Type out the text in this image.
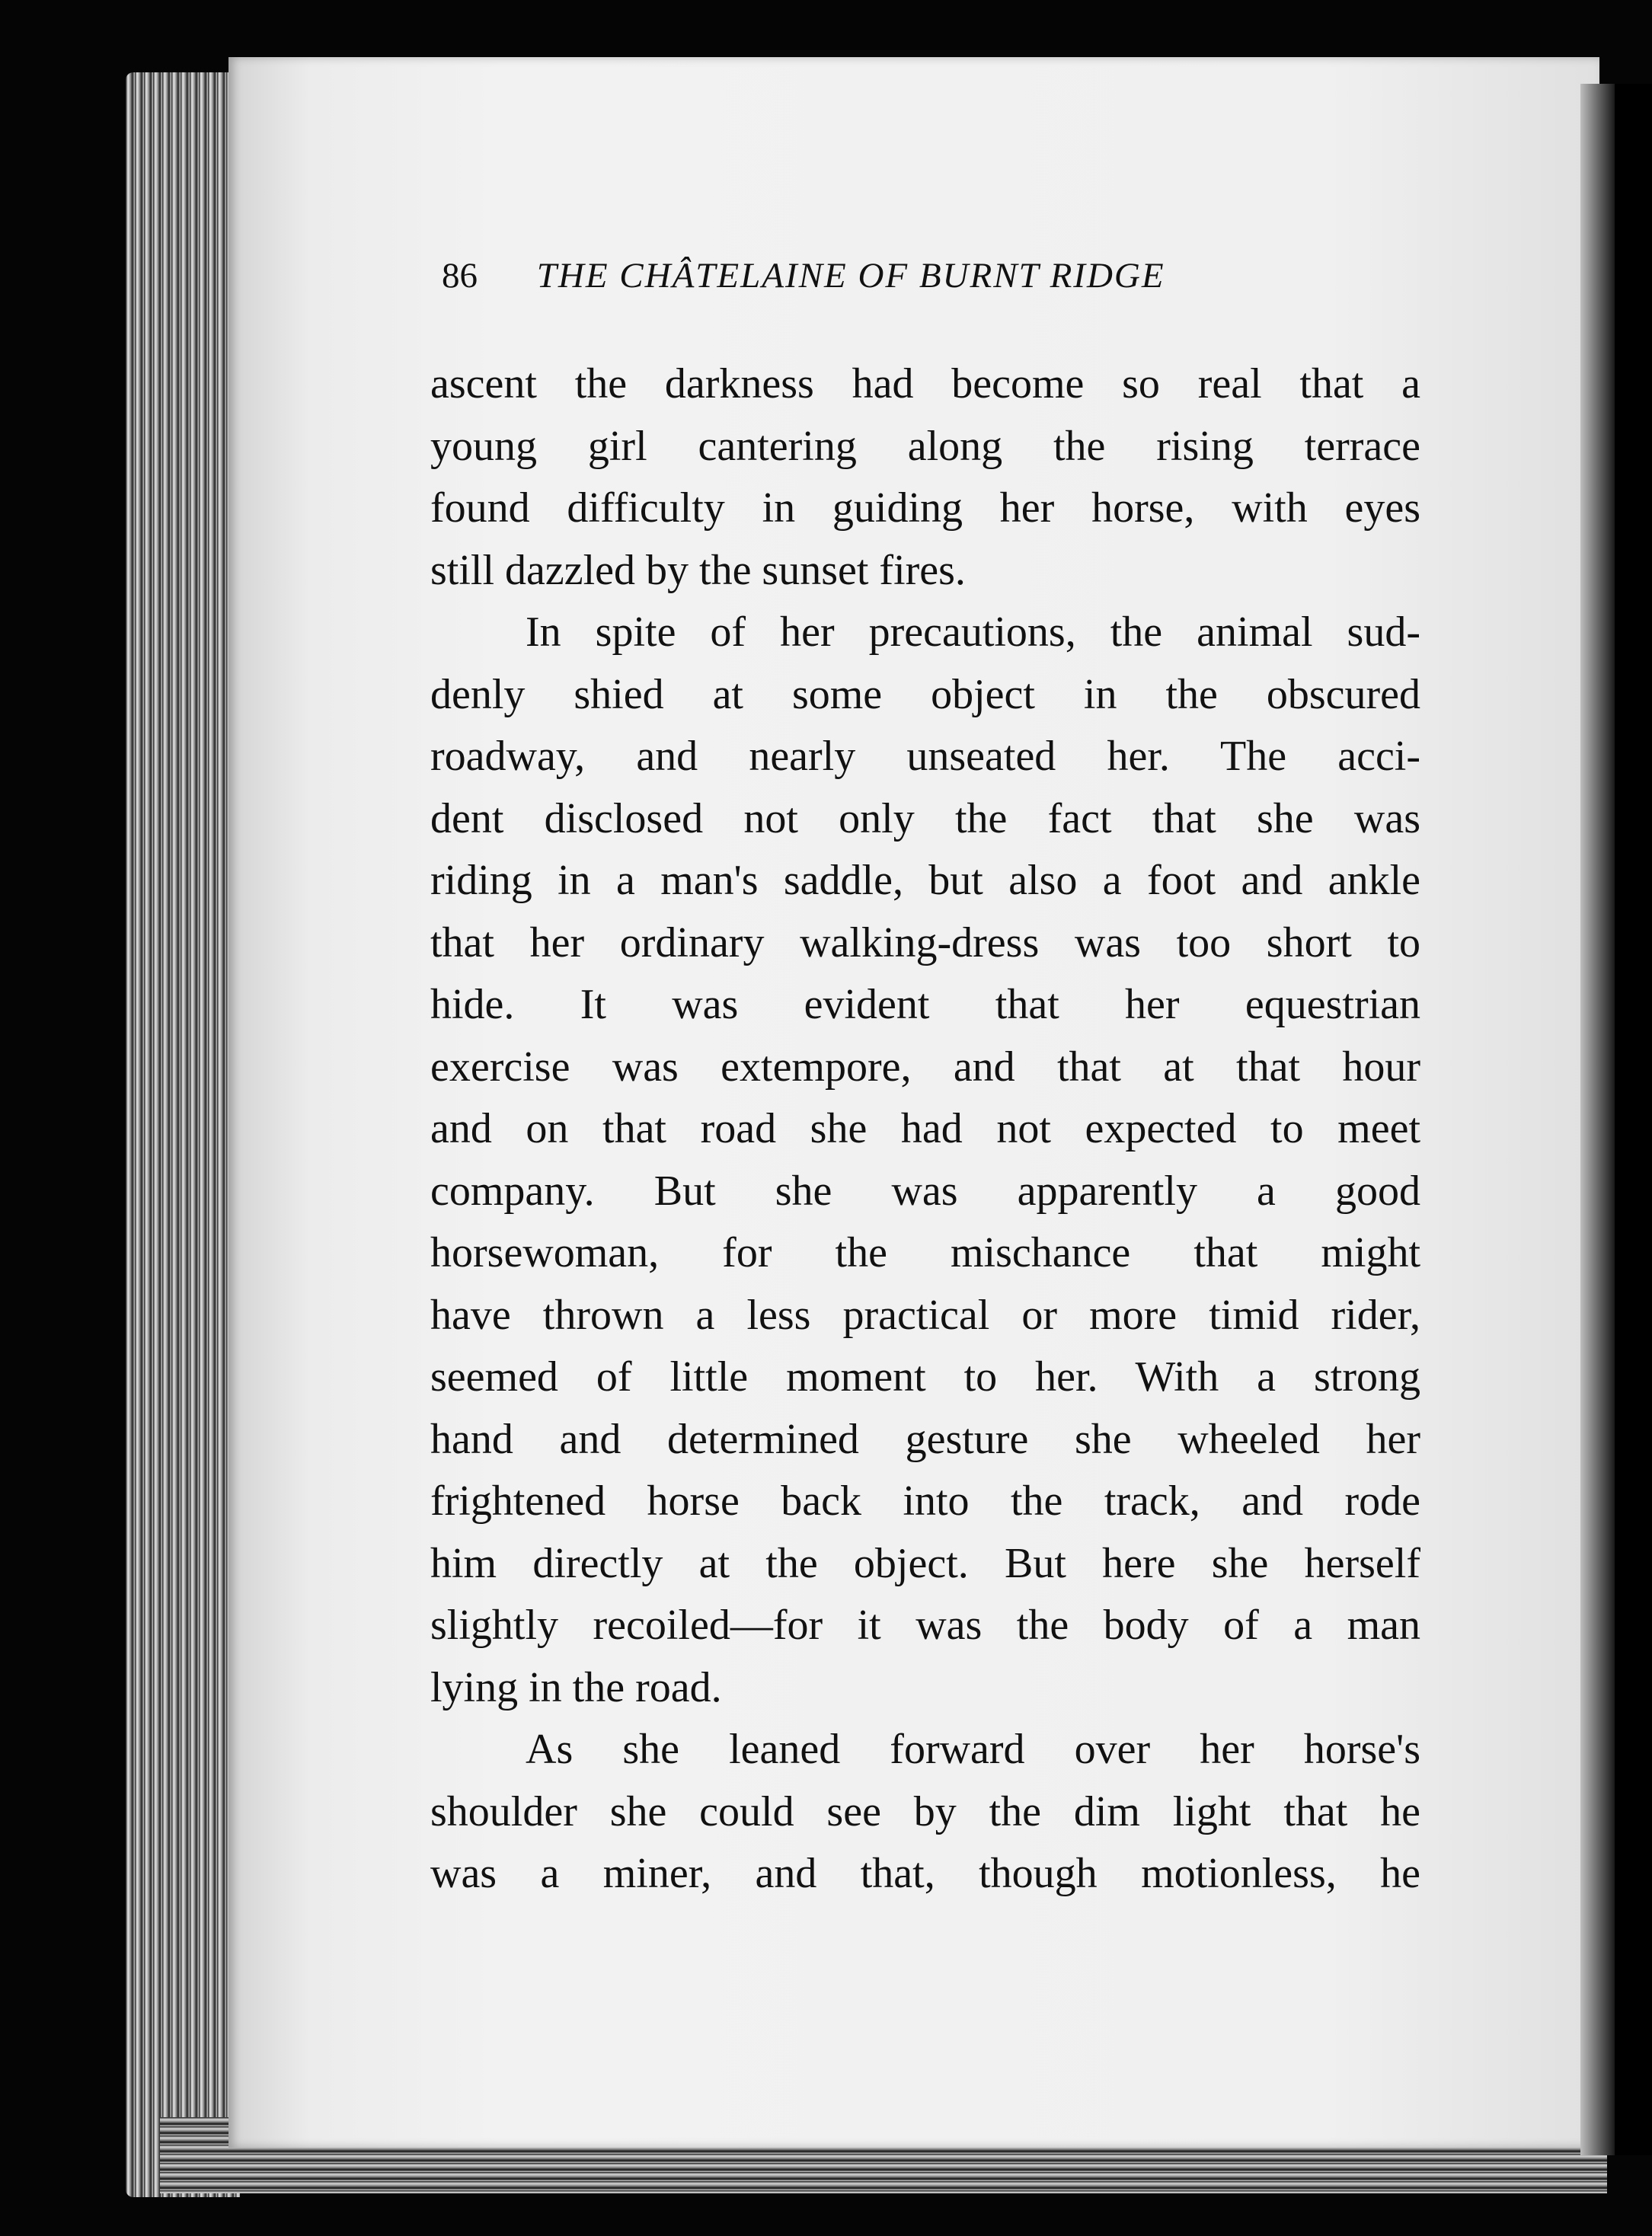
86 THE CHÂTELAINE OF BURNT RIDGE
ascent the darkness had become so real that a
young girl cantering along the rising terrace
found difficulty in guiding her horse, with eyes
still dazzled by the sunset fires.
In spite of her precautions, the animal sud-
denly shied at some object in the obscured
roadway, and nearly unseated her. The acci-
dent disclosed not only the fact that she was
riding in a man's saddle, but also a foot and ankle
that her ordinary walking-dress was too short to
hide. It was evident that her equestrian
exercise was extempore, and that at that hour
and on that road she had not expected to meet
company. But she was apparently a good
horsewoman, for the mischance that might
have thrown a less practical or more timid rider,
seemed of little moment to her. With a strong
hand and determined gesture she wheeled her
frightened horse back into the track, and rode
him directly at the object. But here she herself
slightly recoiled—for it was the body of a man
lying in the road.
As she leaned forward over her horse's
shoulder she could see by the dim light that he
was a miner, and that, though motionless, he
